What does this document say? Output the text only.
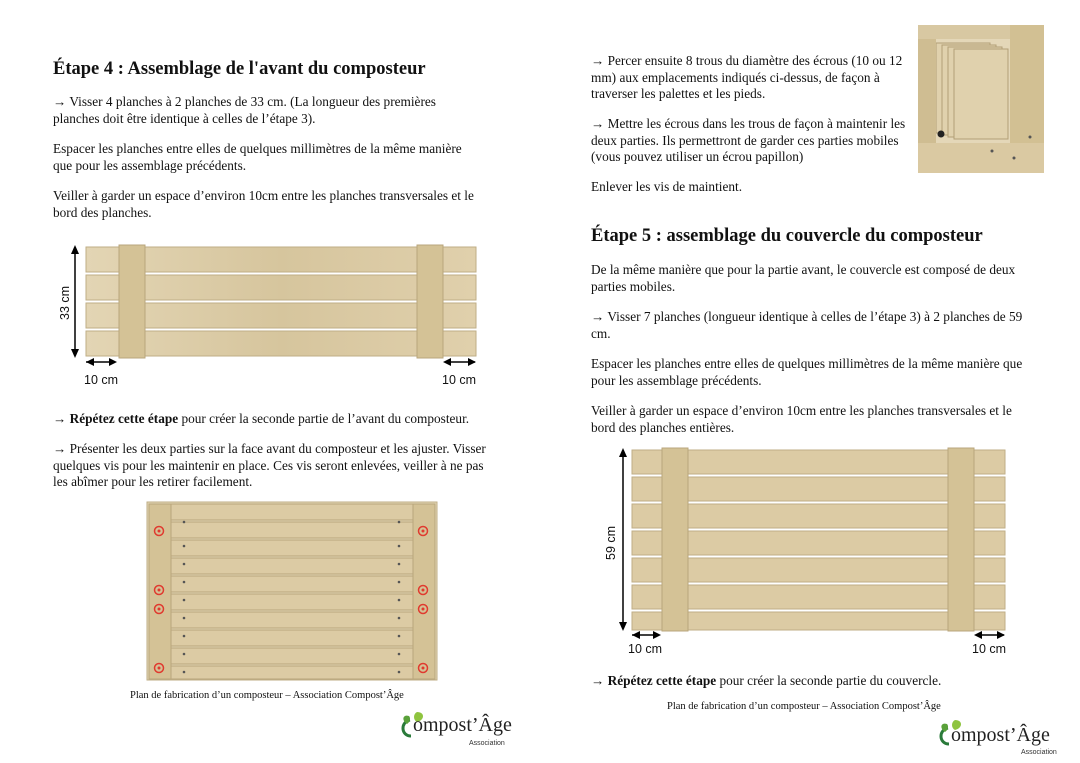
Étape 4 : Assemblage de l'avant du composteur

→ Visser 4 planches à 2 planches de 33 cm. (La longueur des premières planches doit être identique à celles de l’étape 3).

Espacer les planches entre elles de quelques millimètres de la même manière que pour les assemblage précédents.

Veiller à garder un espace d’environ 10cm entre les planches transversales et le bord des planches.

33 cm
10 cm	10 cm

→ Répétez cette étape pour créer la seconde partie de l’avant du composteur.

→ Présenter les deux parties sur la face avant du composteur et les ajuster. Visser quelques vis pour les maintenir en place. Ces vis seront enlevées, veiller à ne pas les abîmer pour les retirer facilement.

Plan de fabrication d’un composteur – Association Compost’Âge
ompost’Âge
Association

→ Percer ensuite 8 trous du diamètre des écrous (10 ou 12 mm) aux emplacements indiqués ci-dessus, de façon à traverser les palettes et les pieds.

→ Mettre les écrous dans les trous de façon à maintenir les deux parties. Ils permettront de garder ces parties mobiles (vous pouvez utiliser un écrou papillon)

Enlever les vis de maintient.

Étape 5 : assemblage du couvercle du composteur

De la même manière que pour la partie avant, le couvercle est composé de deux parties mobiles.

→ Visser 7 planches (longueur identique à celles de l’étape 3) à 2 planches de 59 cm.

Espacer les planches entre elles de quelques millimètres de la même manière que pour les assemblage précédents.

Veiller à garder un espace d’environ 10cm entre les planches transversales et le bord des planches entières.

59 cm
10 cm	10 cm

→ Répétez cette étape pour créer la seconde partie du couvercle.

Plan de fabrication d’un composteur – Association Compost’Âge
ompost’Âge
Association
